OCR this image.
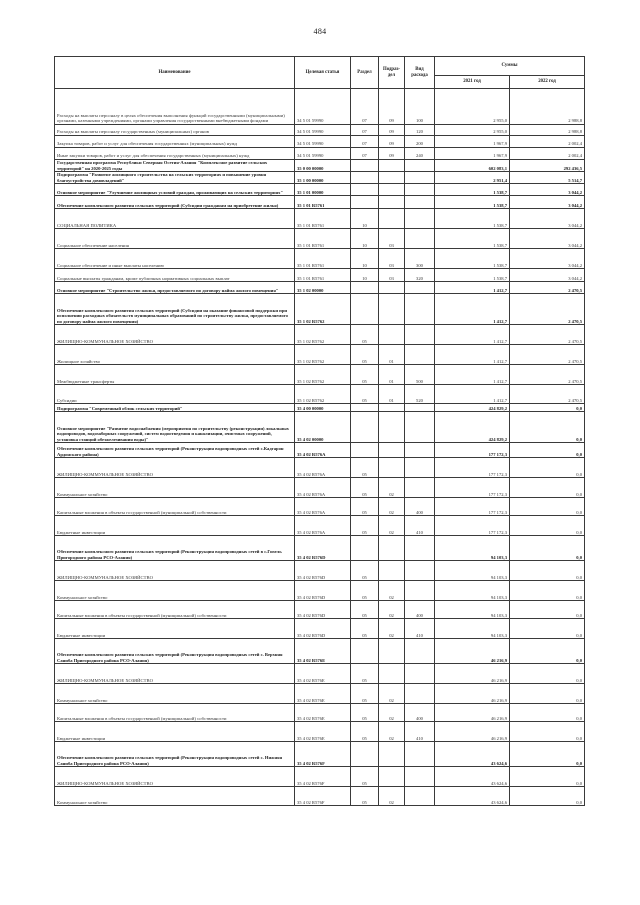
484
Наименование	Целевая статья	Раздел	Подраз-дел	Вид расхода	Суммы	
					2021 год	2022 год
Расходы на выплаты персоналу в целях обеспечения выполнения функций государственными (муниципальными) органами, казенными учреждениями, органами управления государственными внебюджетными фондами	34 5 01 59990	07	09	100	2 955,0	2 988,8
Расходы на выплаты персоналу государственных (муниципальных) органов	34 5 01 59990	07	09	120	2 955,0	2 988,8
Закупка товаров, работ и услуг для обеспечения государственных (муниципальных) нужд	34 5 01 59990	07	09	200	1 967,9	2 002,4
Иные закупки товаров, работ и услуг для обеспечения государственных (муниципальных) нужд	34 5 01 59990	07	09	240	1 967,9	2 002,4
Государственная программа Республики Северная Осетия-Алания "Комплексное развитие сельских территорий" на 2020-2025 годы	35 0 00 00000				602 083,1	292 436,5
Подпрограмма "Развитие жилищного строительства на сельских территориях и повышение уровня благоустройства домовладений"	35 1 00 00000				2 951,4	5 514,7
Основное мероприятие "Улучшение жилищных условий граждан, проживающих на сельских территориях"	35 1 01 00000				1 538,7	3 044,2
Обеспечение комплексного развития сельских территорий (Субсидии гражданам на приобретение жилья)	35 1 01 R5761				1 538,7	3 044,2
СОЦИАЛЬНАЯ ПОЛИТИКА	35 1 01 R5761	10			1 538,7	3 044,2
Социальное обеспечение населения	35 1 01 R5761	10	03		1 538,7	3 044,2
Социальное обеспечение и иные выплаты населению	35 1 01 R5761	10	03	300	1 538,7	3 044,2
Социальные выплаты гражданам, кроме публичных нормативных социальных выплат	35 1 01 R5761	10	03	320	1 538,7	3 044,2
Основное мероприятие "Строительство жилья, предоставляемого по договору найма жилого помещения"	35 1 02 00000				1 412,7	2 470,5
Обеспечение комплексного развития сельских территорий (Субсидии на оказание финансовой поддержки при исполнении расходных обязательств муниципальных образований по строительству жилья, предоставляемого по договору найма жилого помещения)	35 1 02 R5762				1 412,7	2 470,5
ЖИЛИЩНО-КОММУНАЛЬНОЕ ХОЗЯЙСТВО	35 1 02 R5762	05			1 412,7	2 470,5
Жилищное хозяйство	35 1 02 R5762	05	01		1 412,7	2 470,5
Межбюджетные трансферты	35 1 02 R5762	05	01	500	1 412,7	2 470,5
Субсидии	35 1 02 R5762	05	01	520	1 412,7	2 470,5
Подпрограмма "Современный облик сельских территорий"	35 4 00 00000				424 829,2	0,0
Основное мероприятие "Развитие водоснабжения (мероприятия по строительству (реконструкции) локальных водопроводов, водозаборных сооружений, систем водоотведения и канализации, очистных сооружений, установка станций обезжелезивания воды)"	35 4 02 00000				424 829,2	0,0
Обеспечение комплексного развития сельских территорий (Реконструкция водопроводных сетей с.Кадгарон Ардонского района)	35 4 02 R576A				177 172,3	0,0
ЖИЛИЩНО-КОММУНАЛЬНОЕ ХОЗЯЙСТВО	35 4 02 R576A	05			177 172,3	0,0
Коммунальное хозяйство	35 4 02 R576A	05	02		177 172,3	0,0
Капитальные вложения в объекты государственной (муниципальной) собственности	35 4 02 R576A	05	02	400	177 172,3	0,0
Бюджетные инвестиции	35 4 02 R576A	05	02	410	177 172,3	0,0
Обеспечение комплексного развития сельских территорий (Реконструкция водопроводных сетей в с.Гизель Пригородного района РСО-Алания)	35 4 02 R576D				94 103,3	0,0
ЖИЛИЩНО-КОММУНАЛЬНОЕ ХОЗЯЙСТВО	35 4 02 R576D	05			94 103,3	0,0
Коммунальное хозяйство	35 4 02 R576D	05	02		94 103,3	0,0
Капитальные вложения в объекты государственной (муниципальной) собственности	35 4 02 R576D	05	02	400	94 103,3	0,0
Бюджетные инвестиции	35 4 02 R576D	05	02	410	94 103,3	0,0
Обеспечение комплексного развития сельских территорий (Реконструкция водопроводных сетей с. Верхняя Саниба Пригородного района РСО-Алания)	35 4 02 R576E				46 216,9	0,0
ЖИЛИЩНО-КОММУНАЛЬНОЕ ХОЗЯЙСТВО	35 4 02 R576E	05			46 216,9	0,0
Коммунальное хозяйство	35 4 02 R576E	05	02		46 216,9	0,0
Капитальные вложения в объекты государственной (муниципальной) собственности	35 4 02 R576E	05	02	400	46 216,9	0,0
Бюджетные инвестиции	35 4 02 R576E	05	02	410	46 216,9	0,0
Обеспечение комплексного развития сельских территорий (Реконструкция водопроводных сетей с. Нижняя Саниба Пригородного района РСО-Алания)	35 4 02 R576F				43 624,6	0,0
ЖИЛИЩНО-КОММУНАЛЬНОЕ ХОЗЯЙСТВО	35 4 02 R576F	05			43 624,6	0,0
Коммунальное хозяйство	35 4 02 R576F	05	02		43 624,6	0,0
